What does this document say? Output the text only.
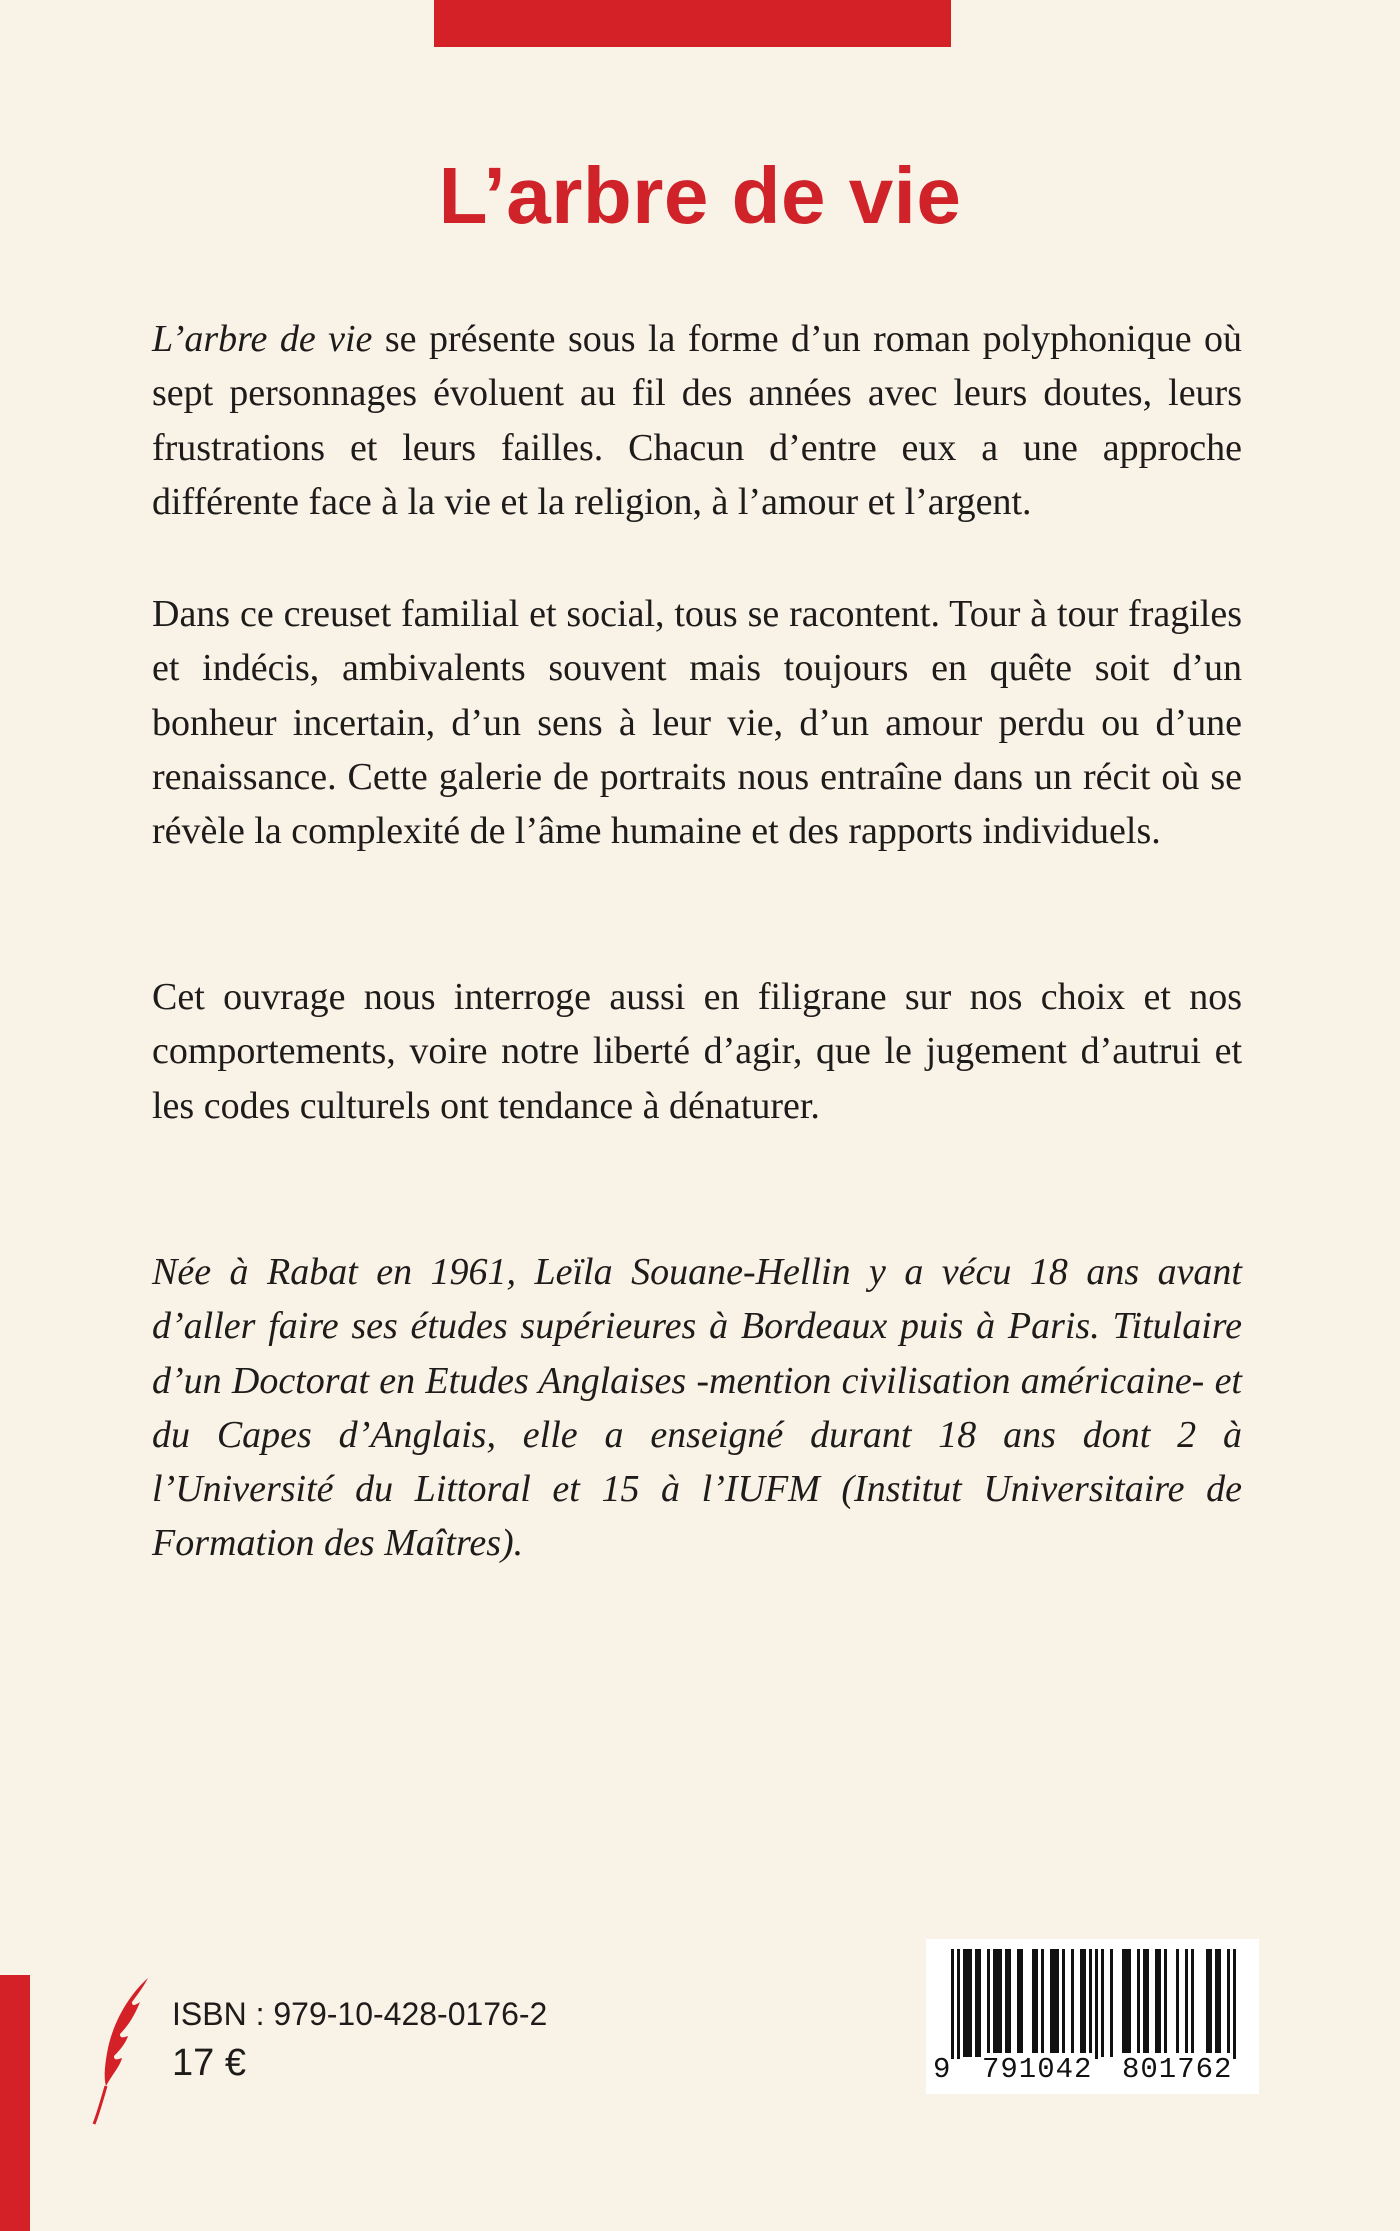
L’arbre de vie

L’arbre de vie se présente sous la forme d’un roman polyphonique où sept personnages évoluent au fil des années avec leurs doutes, leurs frustrations et leurs failles. Chacun d’entre eux a une approche différente face à la vie et la religion, à l’amour et l’argent.

Dans ce creuset familial et social, tous se racontent. Tour à tour fragiles et indécis, ambivalents souvent mais toujours en quête soit d’un bonheur incertain, d’un sens à leur vie, d’un amour perdu ou d’une renaissance. Cette galerie de portraits nous entraîne dans un récit où se révèle la complexité de l’âme humaine et des rapports individuels.

Cet ouvrage nous interroge aussi en filigrane sur nos choix et nos comportements, voire notre liberté d’agir, que le jugement d’autrui et les codes culturels ont tendance à dénaturer.

Née à Rabat en 1961, Leïla Souane-Hellin y a vécu 18 ans avant d’aller faire ses études supérieures à Bordeaux puis à Paris. Titulaire d’un Doctorat en Etudes Anglaises -mention civilisation américaine- et du Capes d’Anglais, elle a enseigné durant 18 ans dont 2 à l’Université du Littoral et 15 à l’IUFM (Institut Universitaire de Formation des Maîtres).

ISBN : 979-10-428-0176-2
17 €	9 791042 801762
